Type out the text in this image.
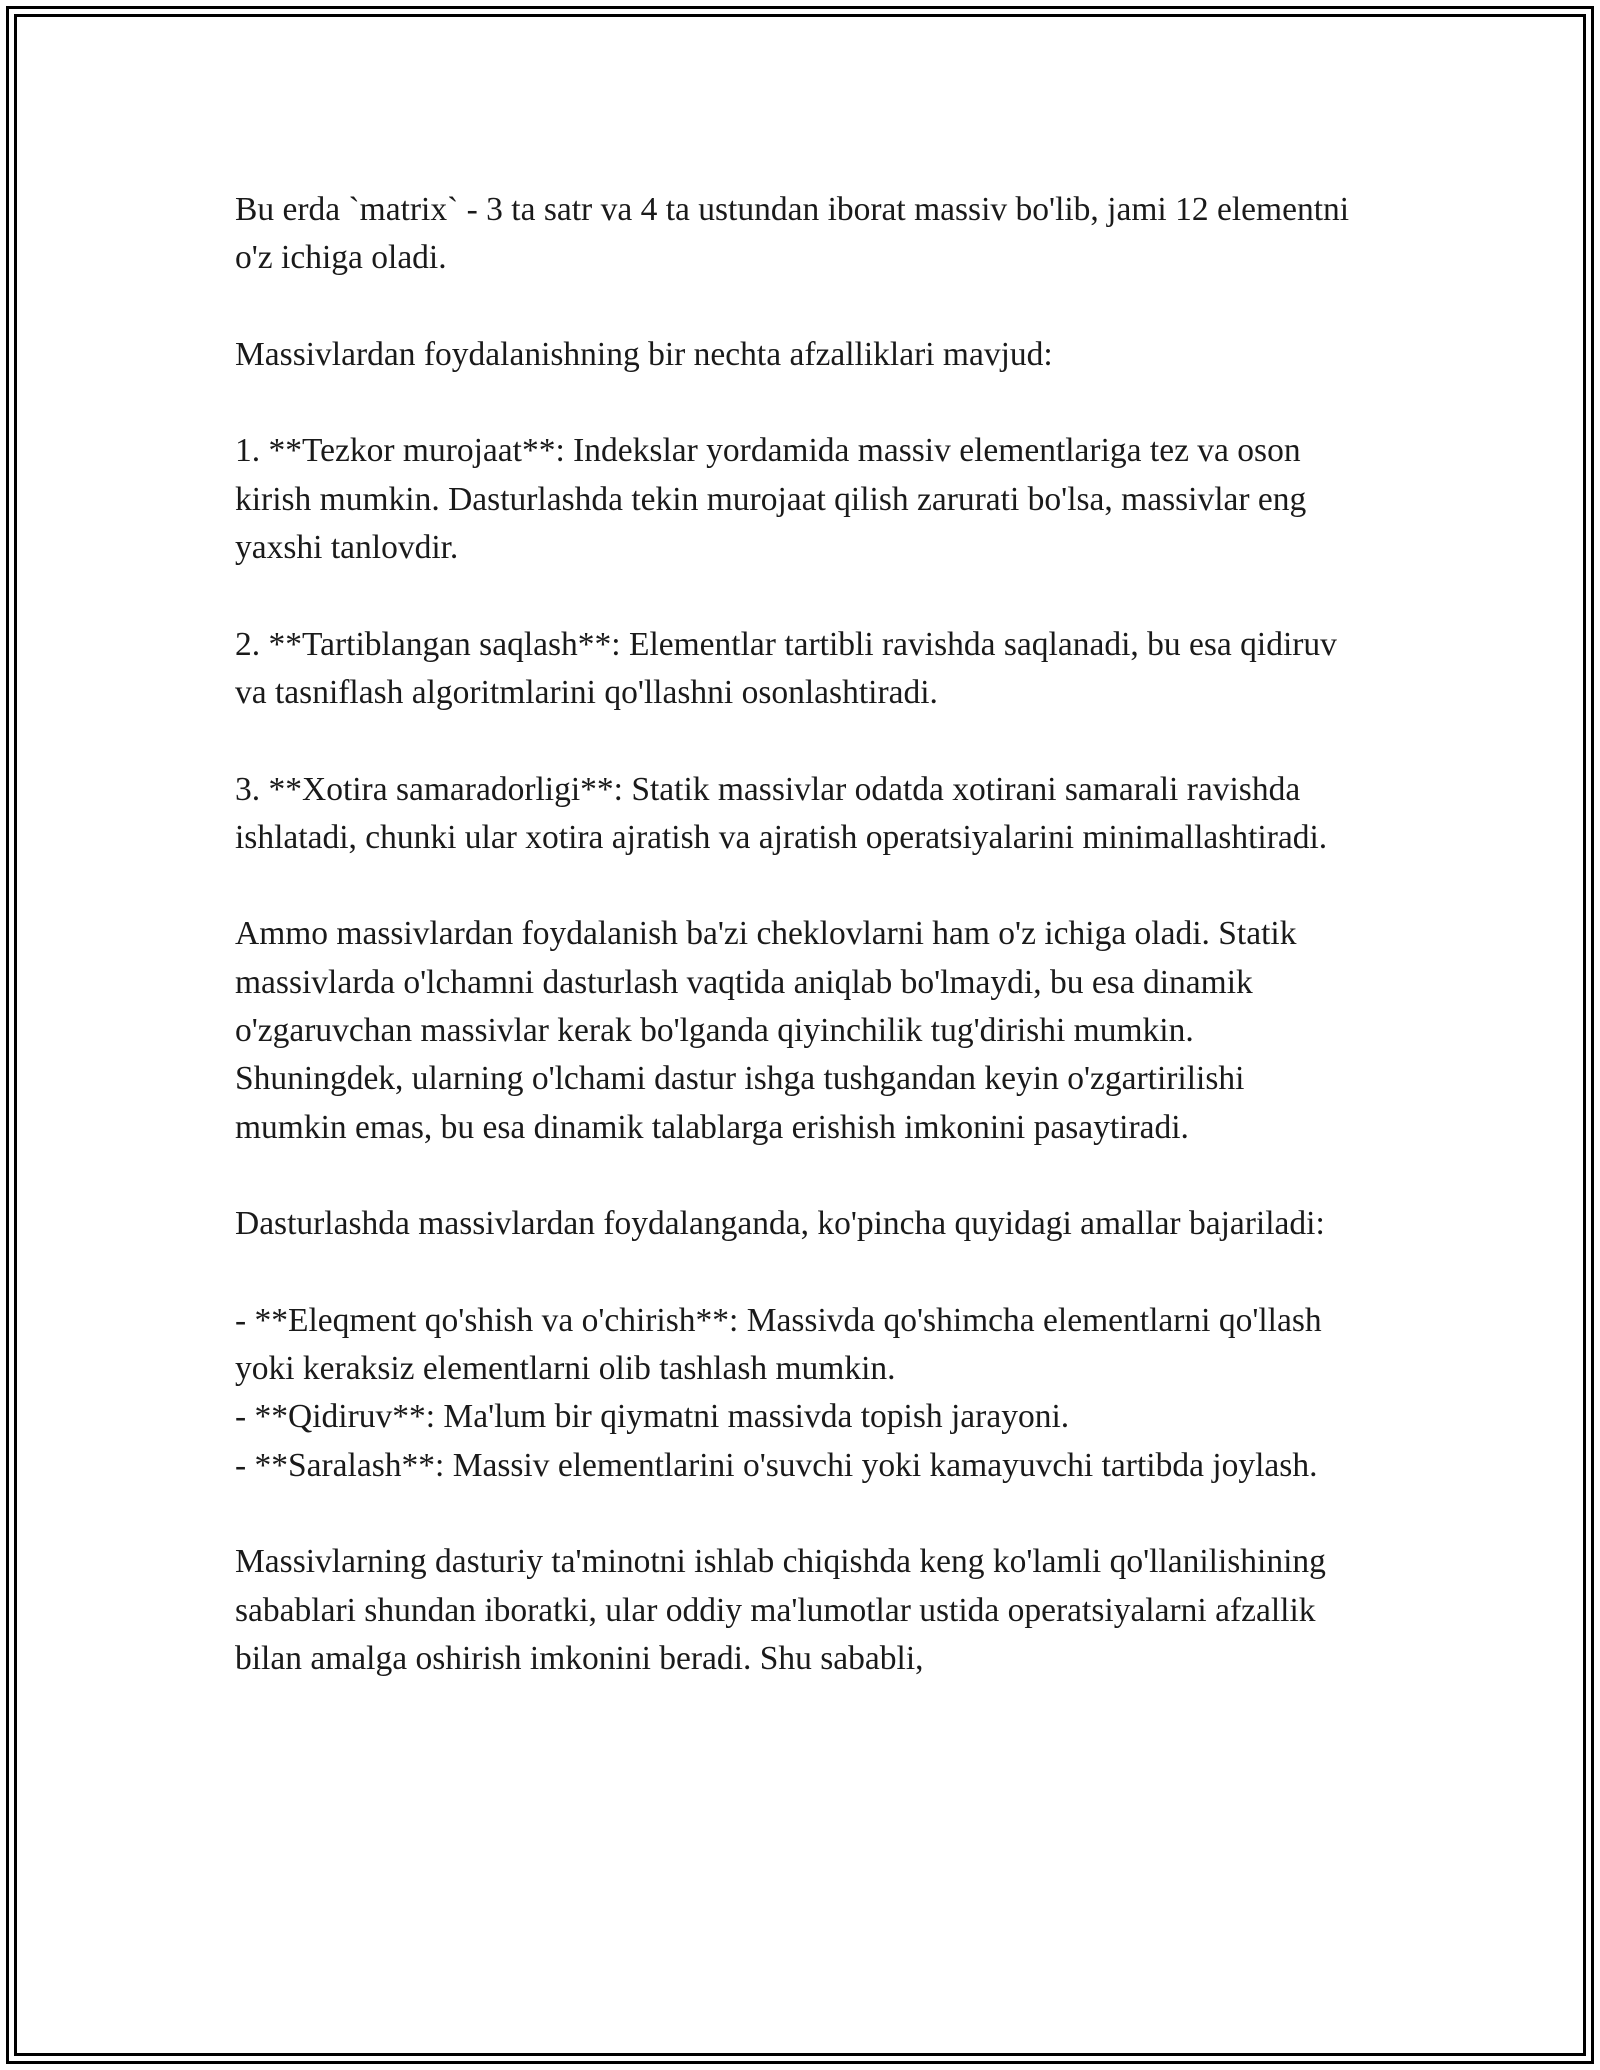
Bu erda `matrix` - 3 ta satr va 4 ta ustundan iborat massiv bo'lib, jami 12 elementni o'z ichiga oladi.

Massivlardan foydalanishning bir nechta afzalliklari mavjud:

1. **Tezkor murojaat**: Indekslar yordamida massiv elementlariga tez va oson kirish mumkin. Dasturlashda tekin murojaat qilish zarurati bo'lsa, massivlar eng yaxshi tanlovdir.

2. **Tartiblangan saqlash**: Elementlar tartibli ravishda saqlanadi, bu esa qidiruv va tasniflash algoritmlarini qo'llashni osonlashtiradi.

3. **Xotira samaradorligi**: Statik massivlar odatda xotirani samarali ravishda ishlatadi, chunki ular xotira ajratish va ajratish operatsiyalarini minimallashtiradi.

Ammo massivlardan foydalanish ba'zi cheklovlarni ham o'z ichiga oladi. Statik massivlarda o'lchamni dasturlash vaqtida aniqlab bo'lmaydi, bu esa dinamik o'zgaruvchan massivlar kerak bo'lganda qiyinchilik tug'dirishi mumkin. Shuningdek, ularning o'lchami dastur ishga tushgandan keyin o'zgartirilishi mumkin emas, bu esa dinamik talablarga erishish imkonini pasaytiradi.

Dasturlashda massivlardan foydalanganda, ko'pincha quyidagi amallar bajariladi:

- **Eleqment qo'shish va o'chirish**: Massivda qo'shimcha elementlarni qo'llash yoki keraksiz elementlarni olib tashlash mumkin.

- **Qidiruv**: Ma'lum bir qiymatni massivda topish jarayoni.

- **Saralash**: Massiv elementlarini o'suvchi yoki kamayuvchi tartibda joylash.

Massivlarning dasturiy ta'minotni ishlab chiqishda keng ko'lamli qo'llanilishining sabablari shundan iboratki, ular oddiy ma'lumotlar ustida operatsiyalarni afzallik bilan amalga oshirish imkonini beradi. Shu sababli,
